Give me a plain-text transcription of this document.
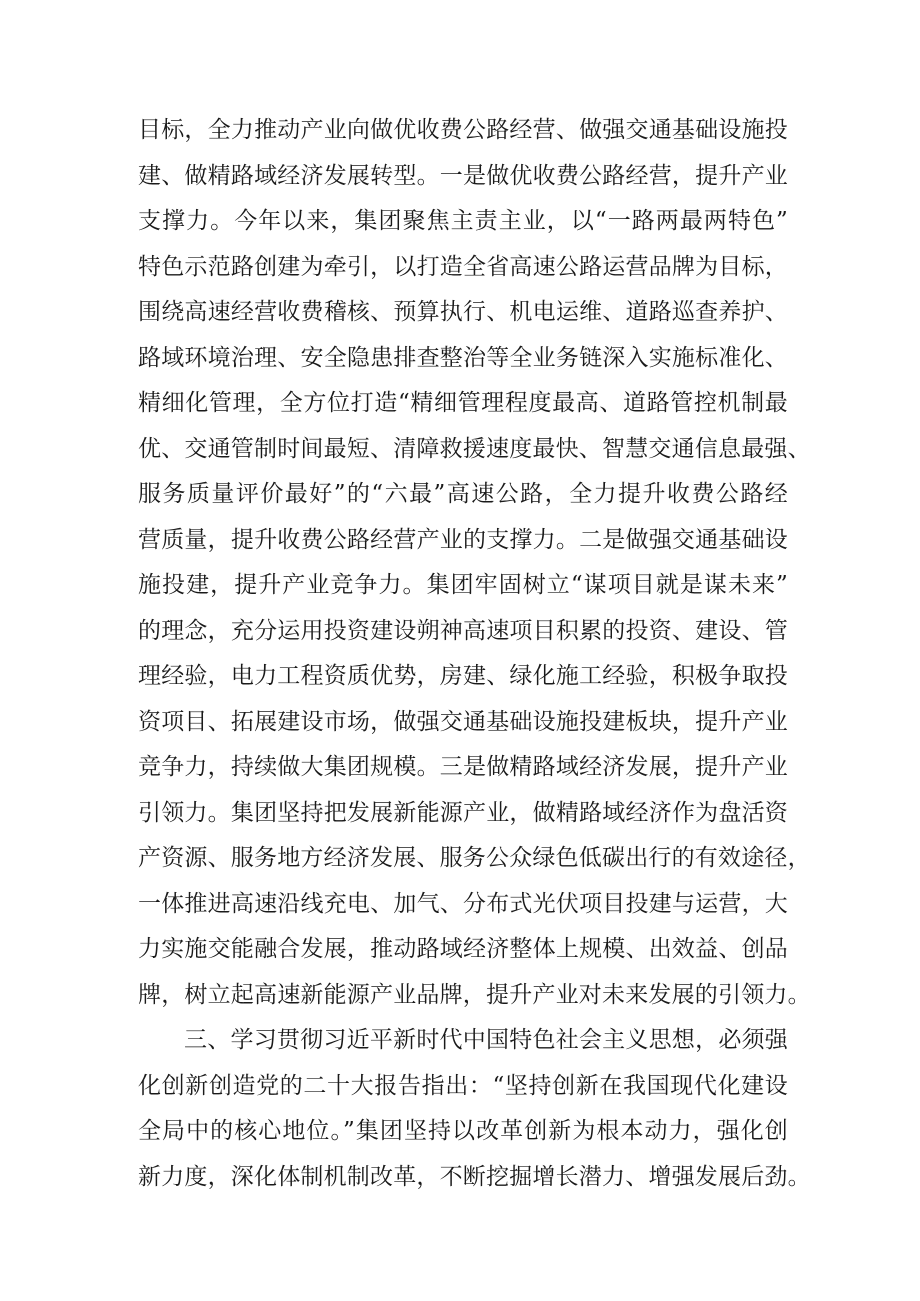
目标，全力推动产业向做优收费公路经营、做强交通基础设施投
建、做精路域经济发展转型。一是做优收费公路经营，提升产业
支撑力。今年以来，集团聚焦主责主业，以“一路两最两特色”
特色示范路创建为牵引，以打造全省高速公路运营品牌为目标，
围绕高速经营收费稽核、预算执行、机电运维、道路巡查养护、
路域环境治理、安全隐患排查整治等全业务链深入实施标准化、
精细化管理，全方位打造“精细管理程度最高、道路管控机制最
优、交通管制时间最短、清障救援速度最快、智慧交通信息最强、
服务质量评价最好”的“六最”高速公路，全力提升收费公路经
营质量，提升收费公路经营产业的支撑力。二是做强交通基础设
施投建，提升产业竞争力。集团牢固树立“谋项目就是谋未来”
的理念，充分运用投资建设朔神高速项目积累的投资、建设、管
理经验，电力工程资质优势，房建、绿化施工经验，积极争取投
资项目、拓展建设市场，做强交通基础设施投建板块，提升产业
竞争力，持续做大集团规模。三是做精路域经济发展，提升产业
引领力。集团坚持把发展新能源产业，做精路域经济作为盘活资
产资源、服务地方经济发展、服务公众绿色低碳出行的有效途径，
一体推进高速沿线充电、加气、分布式光伏项目投建与运营，大
力实施交能融合发展，推动路域经济整体上规模、出效益、创品
牌，树立起高速新能源产业品牌，提升产业对未来发展的引领力。
三、学习贯彻习近平新时代中国特色社会主义思想，必须强
化创新创造党的二十大报告指出：“坚持创新在我国现代化建设
全局中的核心地位。”集团坚持以改革创新为根本动力，强化创
新力度，深化体制机制改革，不断挖掘增长潜力、增强发展后劲。
